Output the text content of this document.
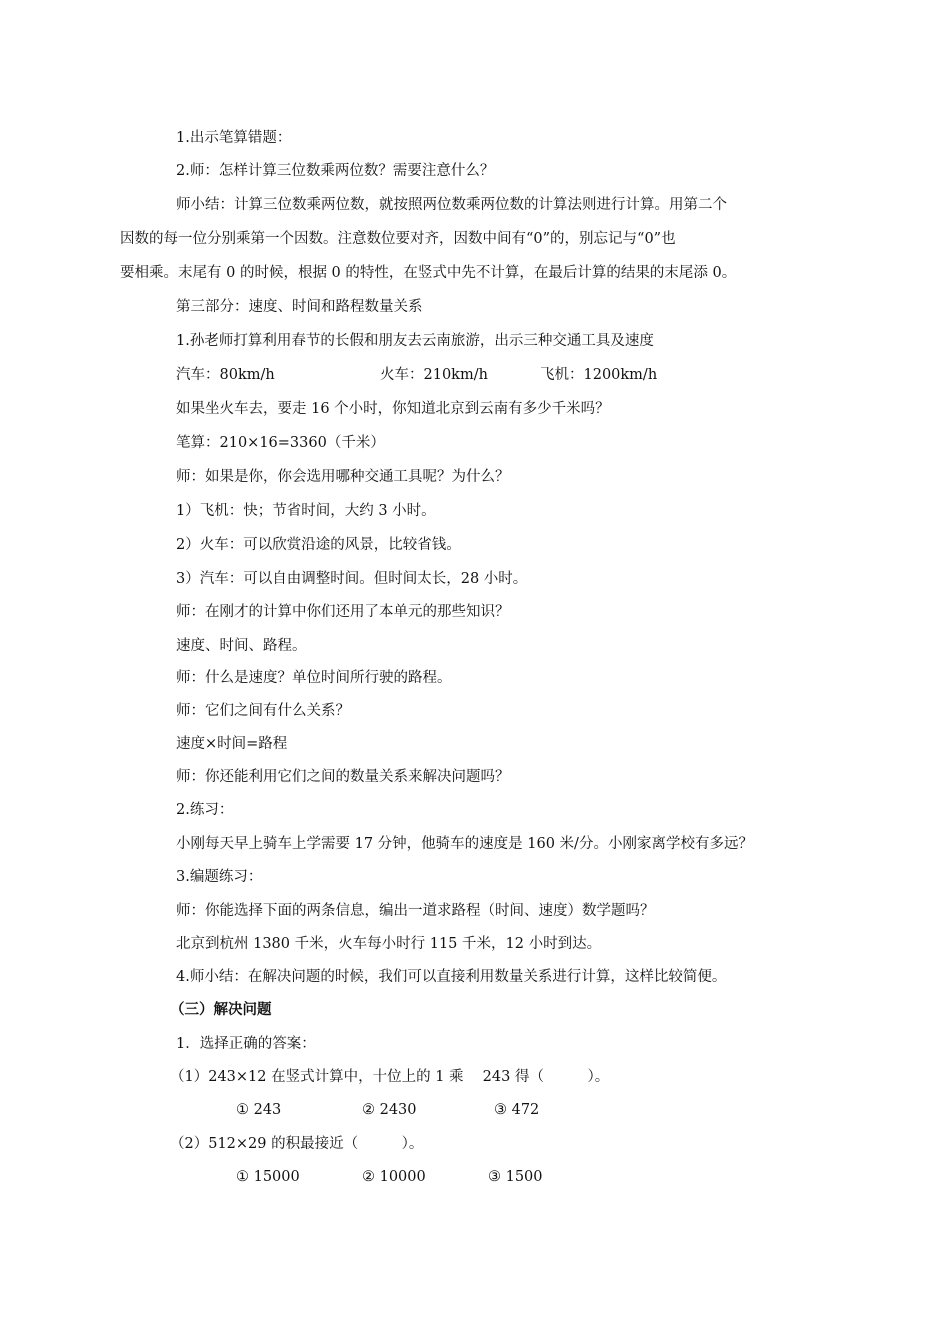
1.出示笔算错题：
2.师：怎样计算三位数乘两位数？需要注意什么？
师小结：计算三位数乘两位数，就按照两位数乘两位数的计算法则进行计算。用第二个
因数的每一位分别乘第一个因数。注意数位要对齐，因数中间有“0”的，别忘记与“0”也
要相乘。末尾有 0 的时候，根据 0 的特性，在竖式中先不计算，在最后计算的结果的末尾添 0。
第三部分：速度、时间和路程数量关系
1.孙老师打算利用春节的长假和朋友去云南旅游，出示三种交通工具及速度
汽车：80km/h	火车：210km/h	飞机：1200km/h
如果坐火车去，要走 16 个小时，你知道北京到云南有多少千米吗？
笔算：210×16=3360（千米）
师：如果是你，你会选用哪种交通工具呢？为什么？
1）飞机：快；节省时间，大约 3 小时。
2）火车：可以欣赏沿途的风景，比较省钱。
3）汽车：可以自由调整时间。但时间太长，28 小时。
师：在刚才的计算中你们还用了本单元的那些知识？
速度、时间、路程。
师：什么是速度？单位时间所行驶的路程。
师：它们之间有什么关系？
速度×时间=路程
师：你还能利用它们之间的数量关系来解决问题吗？
2.练习：
小刚每天早上骑车上学需要 17 分钟，他骑车的速度是 160 米/分。小刚家离学校有多远？
3.编题练习：
师：你能选择下面的两条信息，编出一道求路程（时间、速度）数学题吗？
北京到杭州 1380 千米，火车每小时行 115 千米，12 小时到达。
4.师小结：在解决问题的时候，我们可以直接利用数量关系进行计算，这样比较简便。
（三）解决问题
1．选择正确的答案：
（1）243×12 在竖式计算中，十位上的 1 乘　 243 得（　　　）。
① 243	② 2430	③ 472
（2）512×29 的积最接近（　　　）。
① 15000	② 10000	③ 1500
